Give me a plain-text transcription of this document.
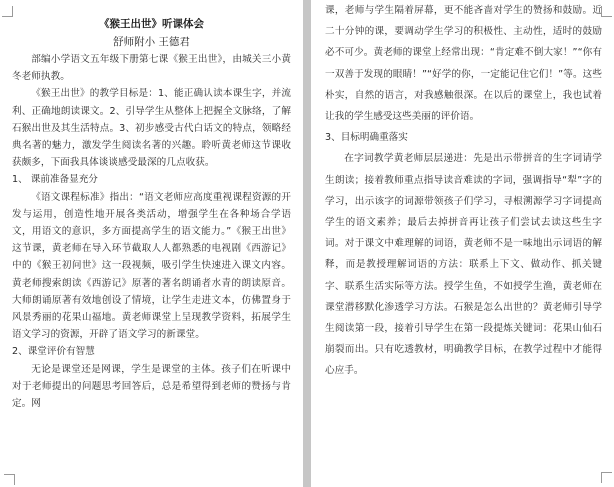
《猴王出世》听课体会
舒师附小 王德君

部编小学语文五年级下册第七课《猴王出世》，由城关三小黄冬老师执教。

《猴王出世》的教学目标是：1、能正确认读本课生字，并流利、正确地朗读课文。2、引导学生从整体上把握全文脉络，了解石猴出世及其生活特点。3、初步感受古代白话文的特点，领略经典名著的魅力，激发学生阅读名著的兴趣。聆听黄老师这节课收获颇多，下面我具体谈谈感受最深的几点收获。

1、 课前准备显充分

《语文课程标准》指出：“语文老师应高度重视课程资源的开发与运用，创造性地开展各类活动，增强学生在各种场合学语文，用语文的意识，多方面提高学生的语文能力。”《猴王出世》这节课，黄老师在导入环节截取人人都熟悉的电视剧《西游记》中的《猴王初问世》这一段视频，吸引学生快速进入课文内容。黄老师搜索朗读《西游记》原著的著名朗诵者水青的朗读原音。大师朗诵原著有效地创设了情境，让学生走进文本，仿佛置身于风景秀丽的花果山福地。黄老师课堂上呈现教学资料，拓展学生语文学习的资源，开辟了语文学习的新课堂。

2、课堂评价有智慧

无论是课堂还是网课，学生是课堂的主体。孩子们在听课中对于老师提出的问题思考回答后，总是希望得到老师的赞扬与肯定。网

课，老师与学生隔着屏幕，更不能吝啬对学生的赞扬和鼓励。近二十分钟的课，要调动学生学习的积极性、主动性，适时的鼓励必不可少。黄老师的课堂上经常出现：“肯定难不倒大家！”“你有一双善于发现的眼睛！”“好学的你，一定能记住它们！”等。这些朴实，自然的语言，对我感触很深。在以后的课堂上，我也试着让我的学生感受这些美丽的评价语。

3、目标明确重落实

在字词教学黄老师层层递进：先是出示带拼音的生字词请学生朗读；接着教师重点指导读音难读的字词，强调指导“犁”字的学习，出示该字的词源带领孩子们学习，寻根溯源学习字词提高学生的语文素养；最后去掉拼音再让孩子们尝试去读这些生字词。对于课文中难理解的词语，黄老师不是一味地出示词语的解释，而是教授理解词语的方法：联系上下文、做动作、抓关键字、联系生活实际等方法。授学生鱼，不如授学生渔，黄老师在课堂潜移默化渗透学习方法。石猴是怎么出世的？黄老师引导学生阅读第一段，接着引导学生在第一段提炼关键词：花果山仙石崩裂而出。只有吃透教材，明确教学目标，在教学过程中才能得心应手。
